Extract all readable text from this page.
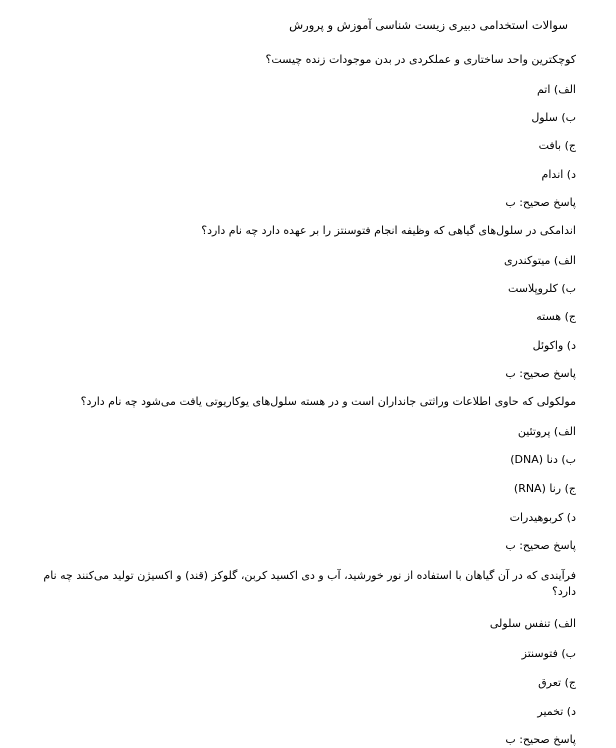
سوالات استخدامی دبیری زیست شناسی آموزش و پرورش
کوچکترین واحد ساختاری و عملکردی در بدن موجودات زنده چیست؟
الف) اتم
ب) سلول
ج) بافت
د) اندام
پاسخ صحیح: ب
اندامکی در سلول‌های گیاهی که وظیفه انجام فتوسنتز را بر عهده دارد چه نام دارد؟
الف) میتوکندری
ب) کلروپلاست
ج) هسته
د) واکوئل
پاسخ صحیح: ب
مولکولی که حاوی اطلاعات وراثتی جانداران است و در هسته سلول‌های یوکاریوتی یافت می‌شود چه نام دارد؟
الف) پروتئین
ب) دنا (DNA)
ج) رنا (RNA)
د) کربوهیدرات
پاسخ صحیح: ب
فرآیندی که در آن گیاهان با استفاده از نور خورشید، آب و دی اکسید کربن، گلوکز (قند) و اکسیژن تولید می‌کنند چه نام دارد؟
الف) تنفس سلولی
ب) فتوسنتز
ج) تعرق
د) تخمیر
پاسخ صحیح: ب
